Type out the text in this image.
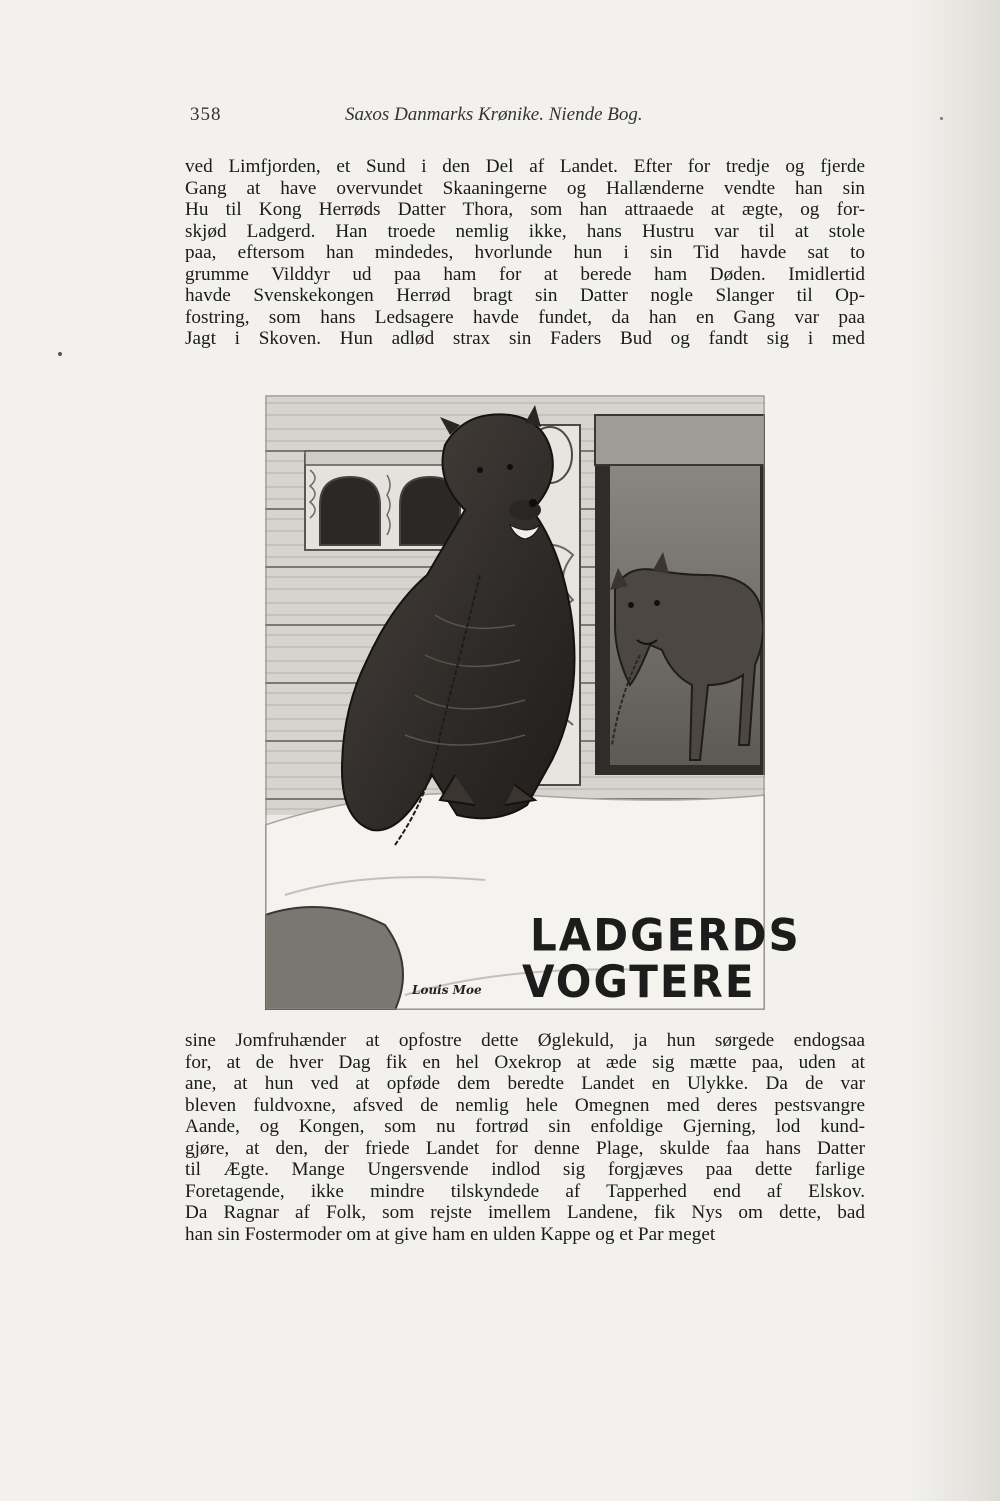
358	Saxos Danmarks Krønike. Niende Bog.
ved Limfjorden, et Sund i den Del af Landet. Efter for tredje og fjerde
Gang at have overvundet Skaaningerne og Hallænderne vendte han sin
Hu til Kong Herrøds Datter Thora, som han attraaede at ægte, og for-
skjød Ladgerd. Han troede nemlig ikke, hans Hustru var til at stole
paa, eftersom han mindedes, hvorlunde hun i sin Tid havde sat to
grumme Vilddyr ud paa ham for at berede ham Døden. Imidlertid
havde Svenskekongen Herrød bragt sin Datter nogle Slanger til Op-
fostring, som hans Ledsagere havde fundet, da han en Gang var paa
Jagt i Skoven. Hun adlød strax sin Faders Bud og fandt sig i med
LADGERDS
VOGTERE
Louis Moe
sine Jomfruhænder at opfostre dette Øglekuld, ja hun sørgede endogsaa
for, at de hver Dag fik en hel Oxekrop at æde sig mætte paa, uden at
ane, at hun ved at opføde dem beredte Landet en Ulykke. Da de var
bleven fuldvoxne, afsved de nemlig hele Omegnen med deres pestsvangre
Aande, og Kongen, som nu fortrød sin enfoldige Gjerning, lod kund-
gjøre, at den, der friede Landet for denne Plage, skulde faa hans Datter
til Ægte. Mange Ungersvende indlod sig forgjæves paa dette farlige
Foretagende, ikke mindre tilskyndede af Tapperhed end af Elskov.
Da Ragnar af Folk, som rejste imellem Landene, fik Nys om dette, bad
han sin Fostermoder om at give ham en ulden Kappe og et Par meget
